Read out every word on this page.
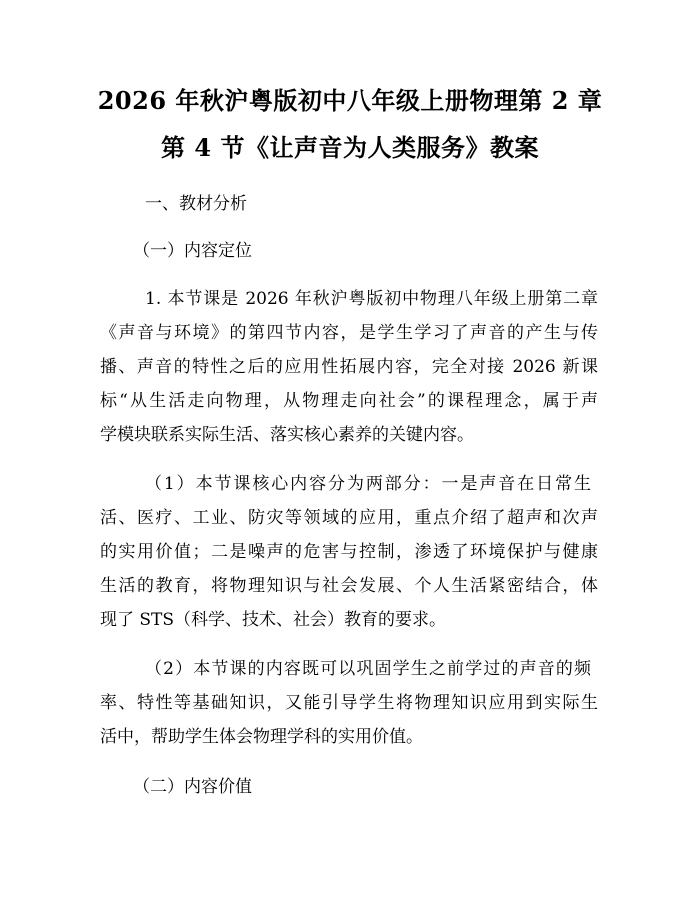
2026 年秋沪粤版初中八年级上册物理第 2 章
第 4 节《让声音为人类服务》教案
一、教材分析
（一）内容定位
1. 本节课是 2026 年秋沪粤版初中物理八年级上册第二章
《声音与环境》的第四节内容，是学生学习了声音的产生与传
播、声音的特性之后的应用性拓展内容，完全对接 2026 新课
标“从生活走向物理，从物理走向社会”的课程理念，属于声
学模块联系实际生活、落实核心素养的关键内容。
（1）本节课核心内容分为两部分：一是声音在日常生
活、医疗、工业、防灾等领域的应用，重点介绍了超声和次声
的实用价值；二是噪声的危害与控制，渗透了环境保护与健康
生活的教育，将物理知识与社会发展、个人生活紧密结合，体
现了 STS（科学、技术、社会）教育的要求。
（2）本节课的内容既可以巩固学生之前学过的声音的频
率、特性等基础知识，又能引导学生将物理知识应用到实际生
活中，帮助学生体会物理学科的实用价值。
（二）内容价值
